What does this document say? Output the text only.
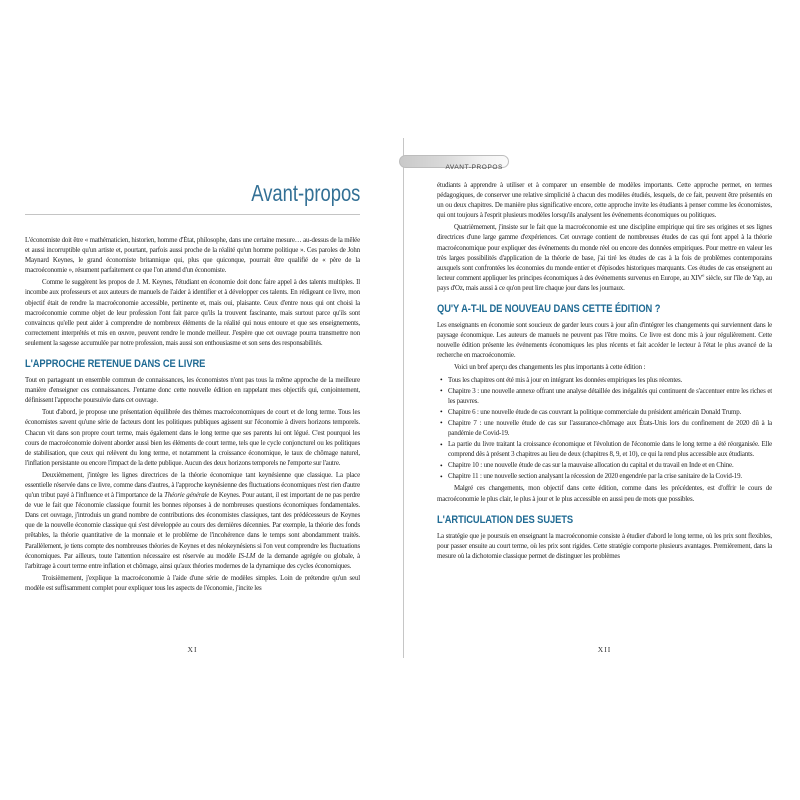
AVANT-PROPOS
Avant-propos

L'économiste doit être « mathématicien, historien, homme d'État, philosophe, dans une certaine mesure… au-dessus de la mêlée et aussi incorruptible qu'un artiste et, pourtant, parfois aussi proche de la réalité qu'un homme politique ». Ces paroles de John Maynard Keynes, le grand économiste britannique qui, plus que quiconque, pourrait être qualifié de « père de la macroéconomie », résument parfaitement ce que l'on attend d'un économiste.

Comme le suggèrent les propos de J. M. Keynes, l'étudiant en économie doit donc faire appel à des talents multiples. Il incombe aux professeurs et aux auteurs de manuels de l'aider à identifier et à développer ces talents. En rédigeant ce livre, mon objectif était de rendre la macroéconomie accessible, pertinente et, mais oui, plaisante. Ceux d'entre nous qui ont choisi la macroéconomie comme objet de leur profession l'ont fait parce qu'ils la trouvent fascinante, mais surtout parce qu'ils sont convaincus qu'elle peut aider à comprendre de nombreux éléments de la réalité qui nous entoure et que ses enseignements, correctement interprétés et mis en œuvre, peuvent rendre le monde meilleur. J'espère que cet ouvrage pourra transmettre non seulement la sagesse accumulée par notre profession, mais aussi son enthousiasme et son sens des responsabilités.

L'APPROCHE RETENUE DANS CE LIVRE

Tout en partageant un ensemble commun de connaissances, les économistes n'ont pas tous la même approche de la meilleure manière d'enseigner ces connaissances. J'entame donc cette nouvelle édition en rappelant mes objectifs qui, conjointement, définissent l'approche poursuivie dans cet ouvrage.

Tout d'abord, je propose une présentation équilibrée des thèmes macroéconomiques de court et de long terme. Tous les économistes savent qu'une série de facteurs dont les politiques publiques agissent sur l'économie à divers horizons temporels. Chacun vit dans son propre court terme, mais également dans le long terme que ses parents lui ont légué. C'est pourquoi les cours de macroéconomie doivent aborder aussi bien les éléments de court terme, tels que le cycle conjoncturel ou les politiques de stabilisation, que ceux qui relèvent du long terme, et notamment la croissance économique, le taux de chômage naturel, l'inflation persistante ou encore l'impact de la dette publique. Aucun des deux horizons temporels ne l'emporte sur l'autre.

Deuxièmement, j'intègre les lignes directrices de la théorie économique tant keynésienne que classique. La place essentielle réservée dans ce livre, comme dans d'autres, à l'approche keynésienne des fluctuations économiques n'est rien d'autre qu'un tribut payé à l'influence et à l'importance de la Théorie générale de Keynes. Pour autant, il est important de ne pas perdre de vue le fait que l'économie classique fournit les bonnes réponses à de nombreuses questions économiques fondamentales. Dans cet ouvrage, j'introduis un grand nombre de contributions des économistes classiques, tant des prédécesseurs de Keynes que de la nouvelle économie classique qui s'est développée au cours des dernières décennies. Par exemple, la théorie des fonds prêtables, la théorie quantitative de la monnaie et le problème de l'incohérence dans le temps sont abondamment traités. Parallèlement, je tiens compte des nombreuses théories de Keynes et des néokeynésiens si l'on veut comprendre les fluctuations économiques. Par ailleurs, toute l'attention nécessaire est réservée au modèle IS-LM de la demande agrégée ou globale, à l'arbitrage à court terme entre inflation et chômage, ainsi qu'aux théories modernes de la dynamique des cycles économiques.

Troisièmement, j'explique la macroéconomie à l'aide d'une série de modèles simples. Loin de prétendre qu'un seul modèle est suffisamment complet pour expliquer tous les aspects de l'économie, j'incite les

XI

étudiants à apprendre à utiliser et à comparer un ensemble de modèles importants. Cette approche permet, en termes pédagogiques, de conserver une relative simplicité à chacun des modèles étudiés, lesquels, de ce fait, peuvent être présentés en un ou deux chapitres. De manière plus significative encore, cette approche invite les étudiants à penser comme les économistes, qui ont toujours à l'esprit plusieurs modèles lorsqu'ils analysent les événements économiques ou politiques.

Quatrièmement, j'insiste sur le fait que la macroéconomie est une discipline empirique qui tire ses origines et ses lignes directrices d'une large gamme d'expériences. Cet ouvrage contient de nombreuses études de cas qui font appel à la théorie macroéconomique pour expliquer des événements du monde réel ou encore des données empiriques. Pour mettre en valeur les très larges possibilités d'application de la théorie de base, j'ai tiré les études de cas à la fois de problèmes contemporains auxquels sont confrontées les économies du monde entier et d'épisodes historiques marquants. Ces études de cas enseignent au lecteur comment appliquer les principes économiques à des événements survenus en Europe, au XIVe siècle, sur l'île de Yap, au pays d'Oz, mais aussi à ce qu'on peut lire chaque jour dans les journaux.

QU'Y A-T-IL DE NOUVEAU DANS CETTE ÉDITION ?

Les enseignants en économie sont soucieux de garder leurs cours à jour afin d'intégrer les changements qui surviennent dans le paysage économique. Les auteurs de manuels ne peuvent pas l'être moins. Ce livre est donc mis à jour régulièrement. Cette nouvelle édition présente les événements économiques les plus récents et fait accéder le lecteur à l'état le plus avancé de la recherche en macroéconomie.

Voici un bref aperçu des changements les plus importants à cette édition :

• Tous les chapitres ont été mis à jour en intégrant les données empiriques les plus récentes.
• Chapitre 3 : une nouvelle annexe offrant une analyse détaillée des inégalités qui continuent de s'accentuer entre les riches et les pauvres.
• Chapitre 6 : une nouvelle étude de cas couvrant la politique commerciale du président américain Donald Trump.
• Chapitre 7 : une nouvelle étude de cas sur l'assurance-chômage aux États-Unis lors du confinement de 2020 dû à la pandémie de Covid-19.
• La partie du livre traitant la croissance économique et l'évolution de l'économie dans le long terme a été réorganisée. Elle comprend dès à présent 3 chapitres au lieu de deux (chapitres 8, 9, et 10), ce qui la rend plus accessible aux étudiants.
• Chapitre 10 : une nouvelle étude de cas sur la mauvaise allocation du capital et du travail en Inde et en Chine.
• Chapitre 11 : une nouvelle section analysant la récession de 2020 engendrée par la crise sanitaire de la Covid-19.

Malgré ces changements, mon objectif dans cette édition, comme dans les précédentes, est d'offrir le cours de macroéconomie le plus clair, le plus à jour et le plus accessible en aussi peu de mots que possibles.

L'ARTICULATION DES SUJETS

La stratégie que je poursuis en enseignant la macroéconomie consiste à étudier d'abord le long terme, où les prix sont flexibles, pour passer ensuite au court terme, où les prix sont rigides. Cette stratégie comporte plusieurs avantages. Premièrement, dans la mesure où la dichotomie classique permet de distinguer les problèmes

XII
